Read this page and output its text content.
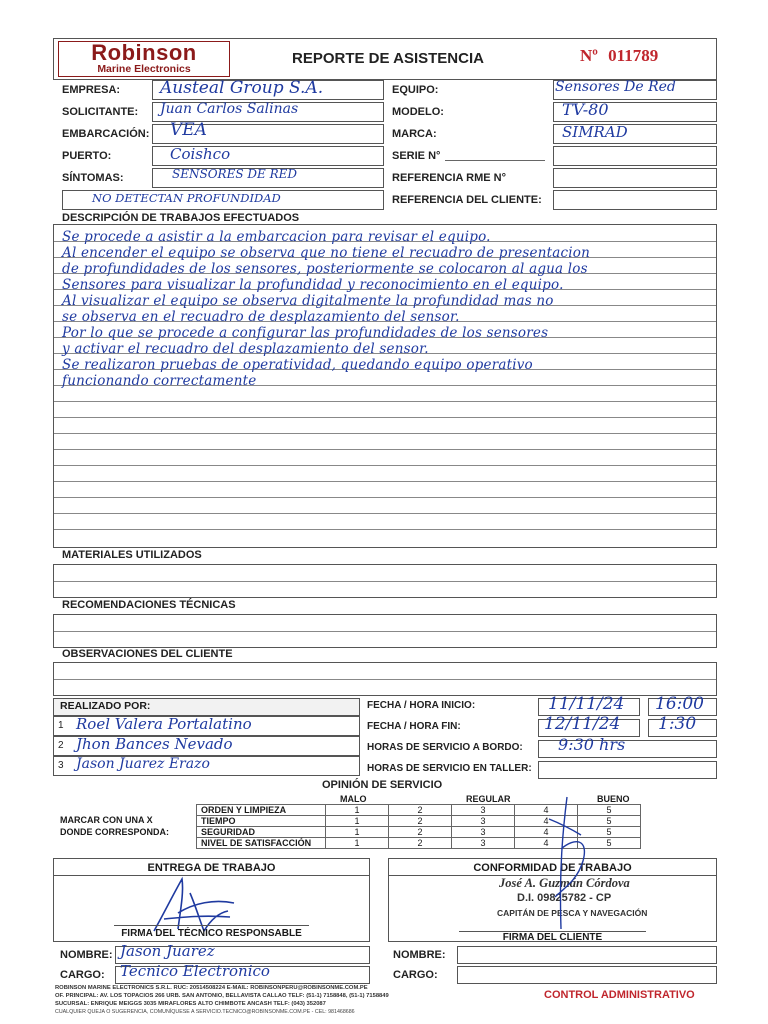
Robinson
Marine Electronics
REPORTE DE ASISTENCIA	Nº 011789
EMPRESA: Austeal Group S.A.
SOLICITANTE: Juan Carlos Salinas
EMBARCACIÓN: VEA
PUERTO:	Coishco
SÍNTOMAS:	SENSORES DE RED
NO DETECTAN PROFUNDIDAD
EQUIPO:	Sensores De Red
MODELO:	TV-80
MARCA:	SIMRAD
SERIE N°
REFERENCIA RME N°
REFERENCIA DEL CLIENTE:
DESCRIPCIÓN DE TRABAJOS EFECTUADOS
Se procede a asistir a la embarcacion para revisar el equipo.
Al encender el equipo se observa que no tiene el recuadro de presentacion
de profundidades de los sensores, posteriormente se colocaron al agua los
Sensores para visualizar la profundidad y reconocimiento en el equipo.
Al visualizar el equipo se observa digitalmente la profundidad mas no
se observa en el recuadro de desplazamiento del sensor.
Por lo que se procede a configurar las profundidades de los sensores
y activar el recuadro del desplazamiento del sensor.
Se realizaron pruebas de operatividad, quedando equipo operativo
funcionando correctamente
MATERIALES UTILIZADOS
RECOMENDACIONES TÉCNICAS
OBSERVACIONES DEL CLIENTE
REALIZADO POR:
1 Roel Valera Portalatino
2 Jhon Bances Nevado
3 Jason Juarez Erazo
FECHA / HORA INICIO:	11/11/24 16:00
FECHA / HORA FIN:	12/11/24 1:30
HORAS DE SERVICIO A BORDO: 9:30 hrs
HORAS DE SERVICIO EN TALLER:
OPINIÓN DE SERVICIO
MALO	REGULAR	BUENO
MARCAR CON UNA X
DONDE CORRESPONDA:
ORDEN Y LIMPIEZA	1	2	3	4	5
TIEMPO	1	2	3	4	5
SEGURIDAD	1	2	3	4	5
NIVEL DE SATISFACCIÓN	1	2	3	4	5
ENTREGA DE TRABAJO
FIRMA DEL TÉCNICO RESPONSABLE
CONFORMIDAD DE TRABAJO
José A. Guzmán Córdova
D.I. 09825782 - CP
CAPITÁN DE PESCA Y NAVEGACIÓN
FIRMA DEL CLIENTE
NOMBRE: Jason Juarez
CARGO: Tecnico Electronico
NOMBRE:
CARGO:
ROBINSON MARINE ELECTRONICS S.R.L. RUC: 20514508224 E-MAIL: ROBINSONPERU@ROBINSONME.COM.PE
OF. PRINCIPAL: AV. LOS TOPACIOS 266 URB. SAN ANTONIO, BELLAVISTA CALLAO TELF: (51-1) 7158848, (51-1) 7158849
SUCURSAL: ENRIQUE MEIGGS 3035 MIRAFLORES ALTO CHIMBOTE ANCASH TELF: (043) 352087
CUALQUIER QUEJA O SUGERENCIA, COMUNÍQUESE A SERVICIO.TECNICO@ROBINSONME.COM.PE - CEL: 981468686
CONTROL ADMINISTRATIVO
